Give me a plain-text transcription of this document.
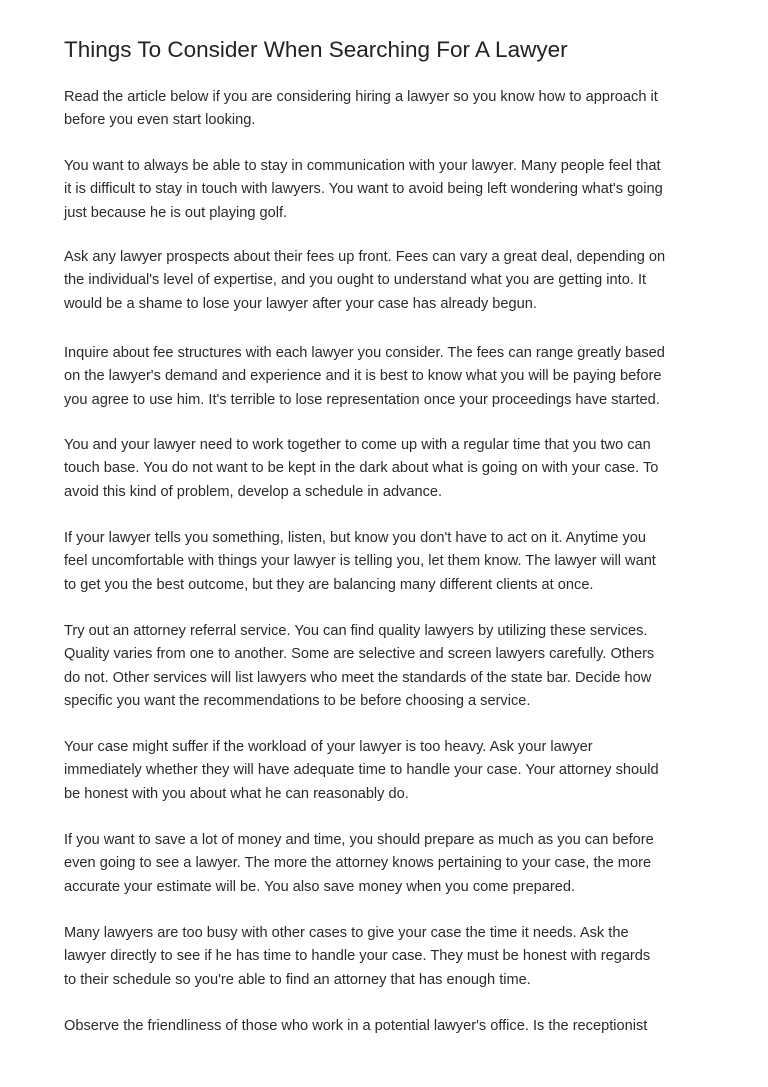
Things To Consider When Searching For A Lawyer

Read the article below if you are considering hiring a lawyer so you know how to approach it
before you even start looking.

You want to always be able to stay in communication with your lawyer. Many people feel that
it is difficult to stay in touch with lawyers. You want to avoid being left wondering what's going
just because he is out playing golf.

Ask any lawyer prospects about their fees up front. Fees can vary a great deal, depending on
the individual's level of expertise, and you ought to understand what you are getting into. It
would be a shame to lose your lawyer after your case has already begun.

Inquire about fee structures with each lawyer you consider. The fees can range greatly based
on the lawyer's demand and experience and it is best to know what you will be paying before
you agree to use him. It's terrible to lose representation once your proceedings have started.

You and your lawyer need to work together to come up with a regular time that you two can
touch base. You do not want to be kept in the dark about what is going on with your case. To
avoid this kind of problem, develop a schedule in advance.

If your lawyer tells you something, listen, but know you don't have to act on it. Anytime you
feel uncomfortable with things your lawyer is telling you, let them know. The lawyer will want
to get you the best outcome, but they are balancing many different clients at once.

Try out an attorney referral service. You can find quality lawyers by utilizing these services.
Quality varies from one to another. Some are selective and screen lawyers carefully. Others
do not. Other services will list lawyers who meet the standards of the state bar. Decide how
specific you want the recommendations to be before choosing a service.

Your case might suffer if the workload of your lawyer is too heavy. Ask your lawyer
immediately whether they will have adequate time to handle your case. Your attorney should
be honest with you about what he can reasonably do.

If you want to save a lot of money and time, you should prepare as much as you can before
even going to see a lawyer. The more the attorney knows pertaining to your case, the more
accurate your estimate will be. You also save money when you come prepared.

Many lawyers are too busy with other cases to give your case the time it needs. Ask the
lawyer directly to see if he has time to handle your case. They must be honest with regards
to their schedule so you're able to find an attorney that has enough time.

Observe the friendliness of those who work in a potential lawyer's office. Is the receptionist
